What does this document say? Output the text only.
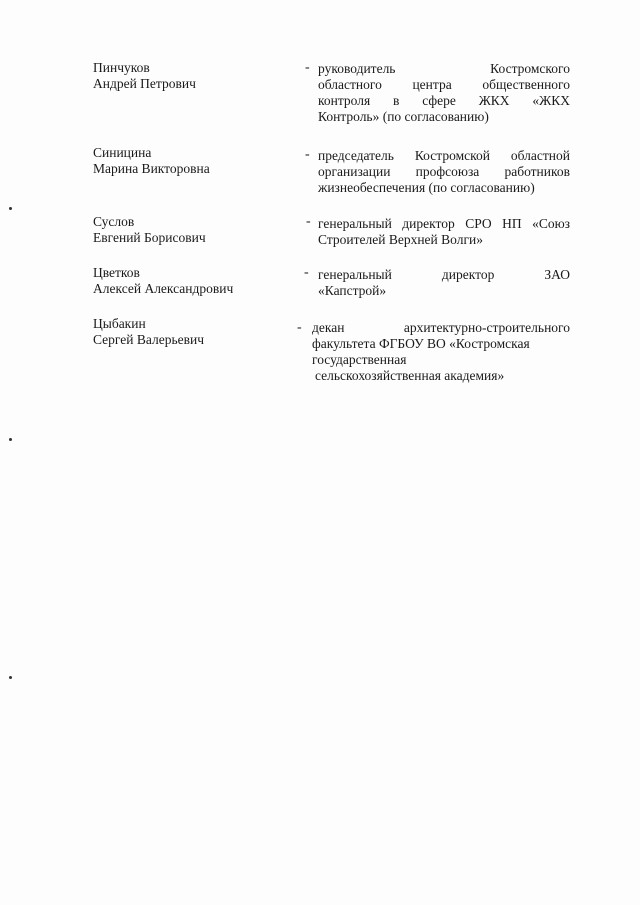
Пинчуков
Андрей Петрович
- руководитель Костромского
областного центра общественного
контроля в сфере ЖКХ «ЖКХ
Контроль» (по согласованию)
Синицина
Марина Викторовна
- председатель Костромской областной
организации профсоюза работников
жизнеобеспечения (по согласованию)
Суслов
Евгений Борисович
- генеральный директор СРО НП «Союз
Строителей Верхней Волги»
Цветков
Алексей Александрович
- генеральный директор ЗАО
«Капстрой»
Цыбакин
Сергей Валерьевич
- декан архитектурно-строительного
факультета ФГБОУ ВО «Костромская
государственная
сельскохозяйственная академия»
